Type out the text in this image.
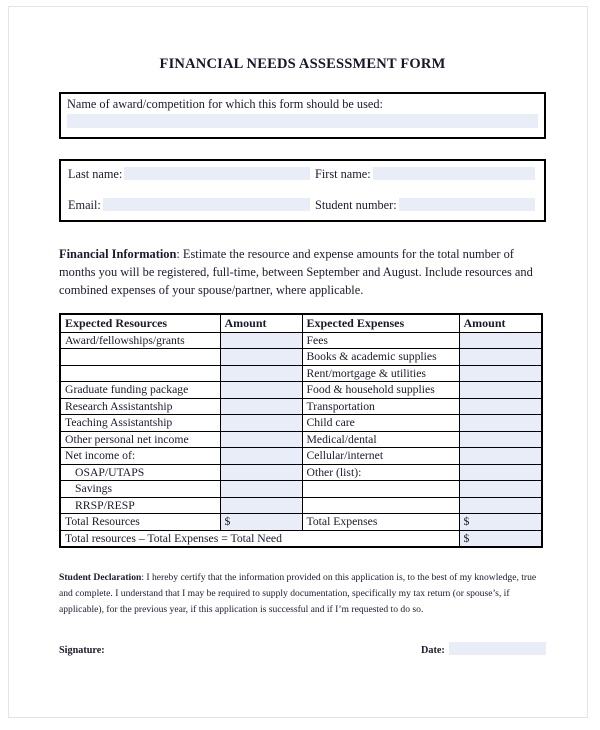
FINANCIAL NEEDS ASSESSMENT FORM
Name of award/competition for which this form should be used:
Last name:	First name:
Email:	Student number:
Financial Information: Estimate the resource and expense amounts for the total number of months you will be registered, full-time, between September and August. Include resources and combined expenses of your spouse/partner, where applicable.
Expected Resources	Amount	Expected Expenses	Amount
Award/fellowships/grants		Fees	
		Books & academic supplies	
		Rent/mortgage & utilities	
Graduate funding package		Food & household supplies	
Research Assistantship		Transportation	
Teaching Assistantship		Child care	
Other personal net income		Medical/dental	
Net income of:		Cellular/internet	
OSAP/UTAPS		Other (list):	
Savings			
RRSP/RESP			
Total Resources	$	Total Expenses	$
Total resources – Total Expenses = Total Need			$
Student Declaration: I hereby certify that the information provided on this application is, to the best of my knowledge, true and complete. I understand that I may be required to supply documentation, specifically my tax return (or spouse’s, if applicable), for the previous year, if this application is successful and if I’m requested to do so.
Signature:	Date:
